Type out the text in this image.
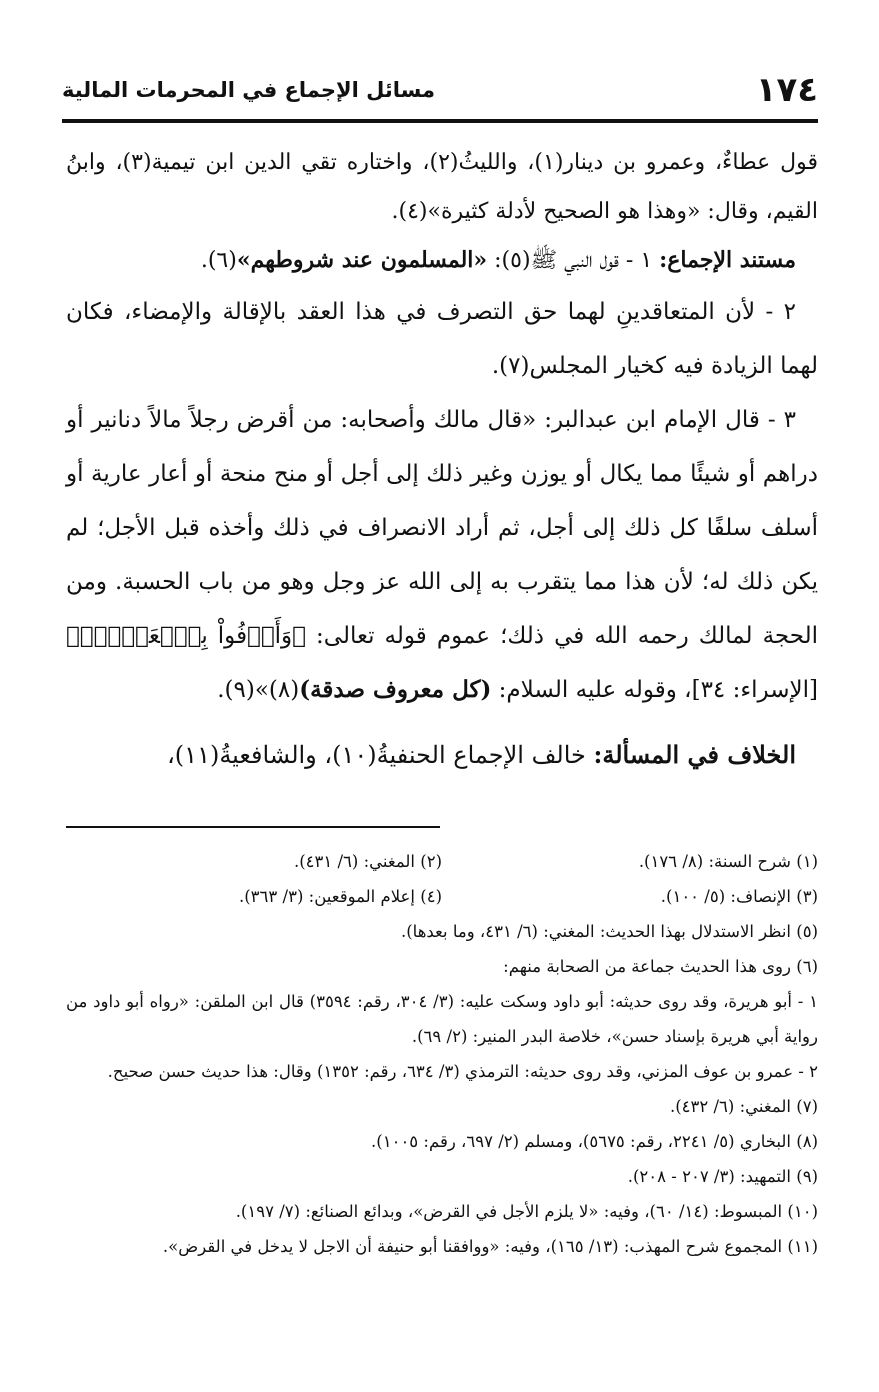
١٧٤
مسائل الإجماع في المحرمات المالية

قول عطاءٌ، وعمرو بن دينار(١)، والليثُ(٢)، واختاره تقي الدين ابن تيمية(٣)، وابنُ القيم، وقال: «وهذا هو الصحيح لأدلة كثيرة»(٤).

مستند الإجماع: ١ - قول النبي ﷺ(٥): «المسلمون عند شروطهم»(٦).

٢ - لأن المتعاقدينِ لهما حق التصرف في هذا العقد بالإقالة والإمضاء، فكان لهما الزيادة فيه كخيار المجلس(٧).

٣ - قال الإمام ابن عبدالبر: «قال مالك وأصحابه: من أقرض رجلاً مالاً دنانير أو دراهم أو شيئًا مما يكال أو يوزن وغير ذلك إلى أجل أو منح منحة أو أعار عارية أو أسلف سلفًا كل ذلك إلى أجل، ثم أراد الانصراف في ذلك وأخذه قبل الأجل؛ لم يكن ذلك له؛ لأن هذا مما يتقرب به إلى الله عز وجل وهو من باب الحسبة. ومن الحجة لمالك رحمه الله في ذلك؛ عموم قوله تعالى: ﴿وَأَوۡفُواْ بِٱلۡعَهۡدِۖ﴾ [الإسراء: ٣٤]، وقوله عليه السلام: (كل معروف صدقة)(٨)»(٩).

الخلاف في المسألة: خالف الإجماع الحنفيةُ(١٠)، والشافعيةُ(١١)،

(١) شرح السنة: (٨/ ١٧٦).
(٢) المغني: (٦/ ٤٣١).
(٣) الإنصاف: (٥/ ١٠٠).
(٤) إعلام الموقعين: (٣/ ٣٦٣).

(٥) انظر الاستدلال بهذا الحديث: المغني: (٦/ ٤٣١، وما بعدها).

(٦) روى هذا الحديث جماعة من الصحابة منهم:

١ - أبو هريرة، وقد روى حديثه: أبو داود وسكت عليه: (٣/ ٣٠٤، رقم: ٣٥٩٤) قال ابن الملقن: «رواه أبو داود من رواية أبي هريرة بإسناد حسن»، خلاصة البدر المنير: (٢/ ٦٩).

٢ - عمرو بن عوف المزني، وقد روى حديثه: الترمذي (٣/ ٦٣٤، رقم: ١٣٥٢) وقال: هذا حديث حسن صحيح.

(٧) المغني: (٦/ ٤٣٢).

(٨) البخاري (٥/ ٢٢٤١، رقم: ٥٦٧٥)، ومسلم (٢/ ٦٩٧، رقم: ١٠٠٥).

(٩) التمهيد: (٣/ ٢٠٧ - ٢٠٨).

(١٠) المبسوط: (١٤/ ٦٠)، وفيه: «لا يلزم الأجل في القرض»، وبدائع الصنائع: (٧/ ١٩٧).

(١١) المجموع شرح المهذب: (١٣/ ١٦٥)، وفيه: «ووافقنا أبو حنيفة أن الاجل لا يدخل في القرض».
